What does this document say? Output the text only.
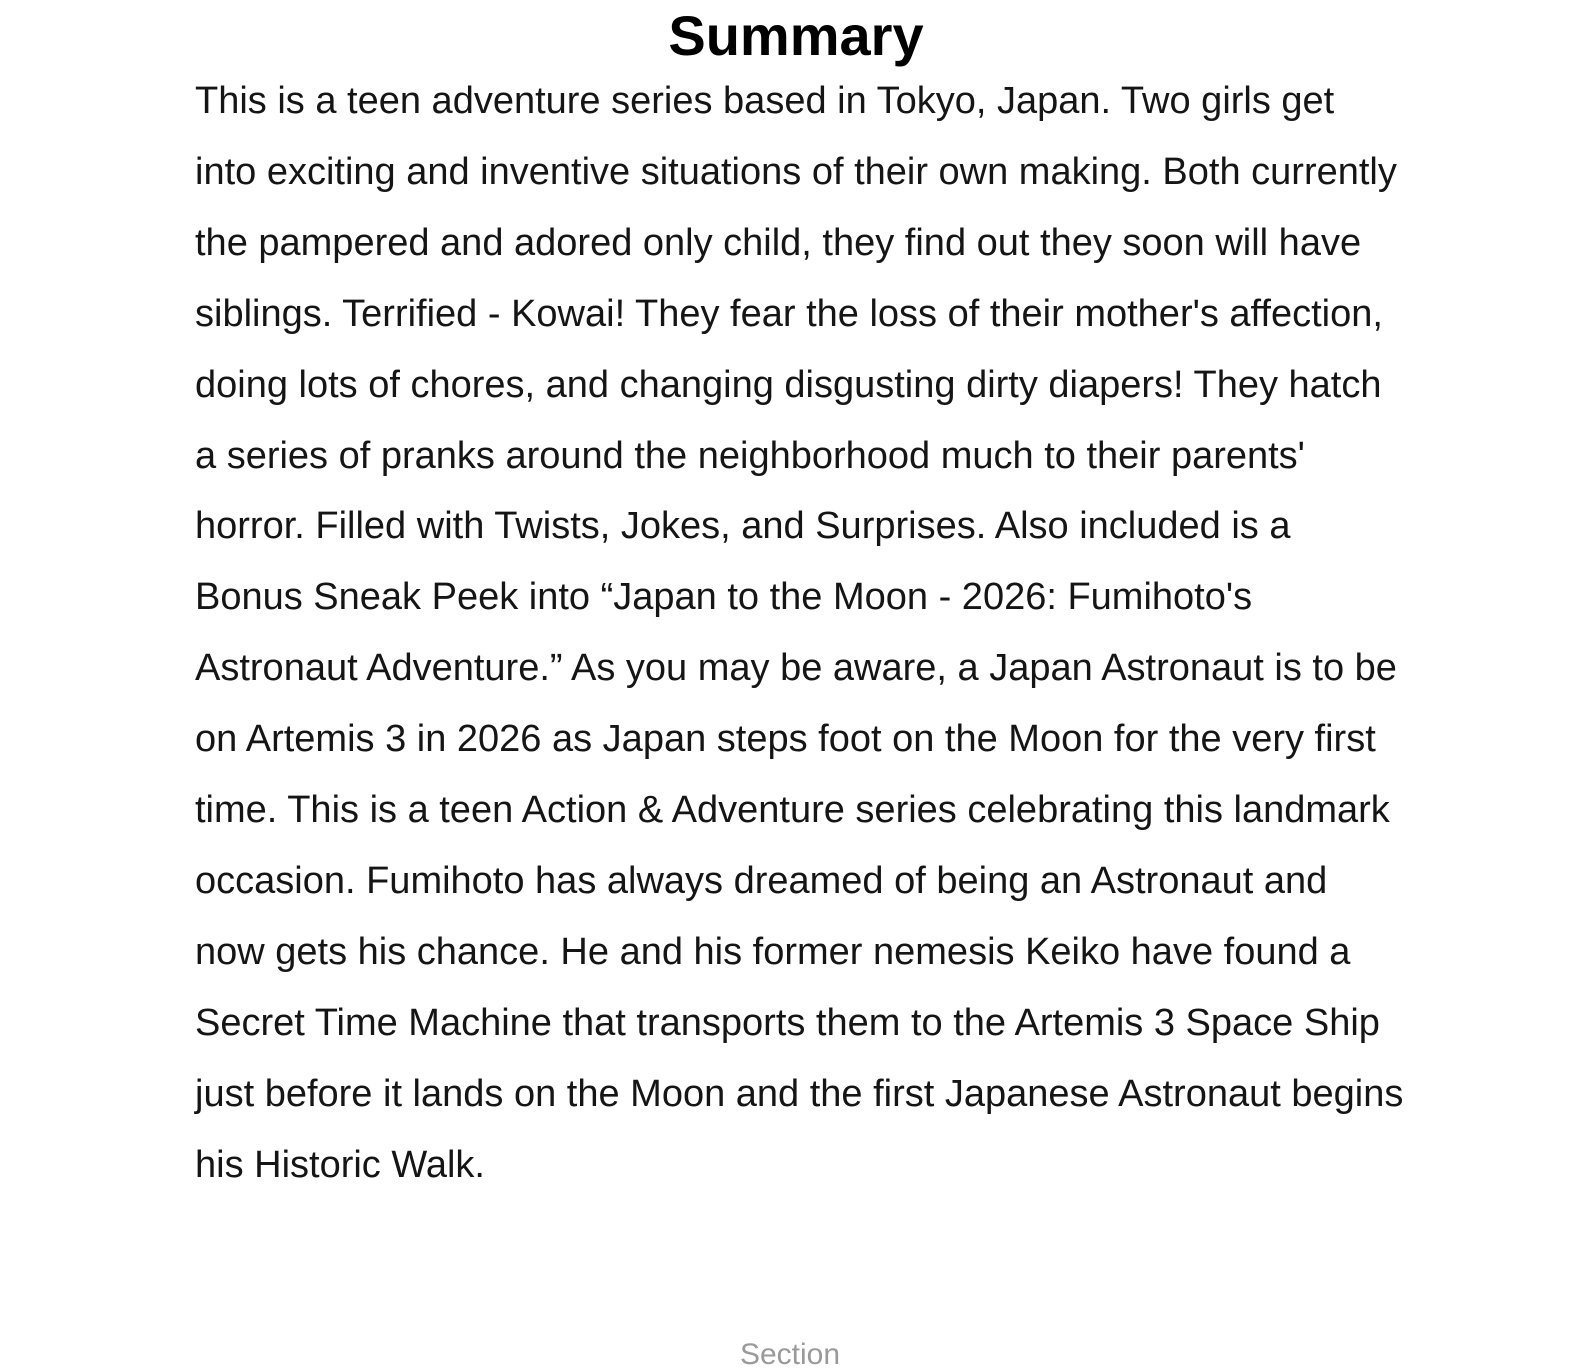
Summary

This is a teen adventure series based in Tokyo, Japan. Two girls get into exciting and inventive situations of their own making. Both currently the pampered and adored only child, they find out they soon will have siblings. Terrified - Kowai! They fear the loss of their mother's affection, doing lots of chores, and changing disgusting dirty diapers! They hatch a series of pranks around the neighborhood much to their parents' horror. Filled with Twists, Jokes, and Surprises. Also included is a Bonus Sneak Peek into “Japan to the Moon - 2026: Fumihoto's Astronaut Adventure.” As you may be aware, a Japan Astronaut is to be on Artemis 3 in 2026 as Japan steps foot on the Moon for the very first time. This is a teen Action & Adventure series celebrating this landmark occasion. Fumihoto has always dreamed of being an Astronaut and now gets his chance. He and his former nemesis Keiko have found a Secret Time Machine that transports them to the Artemis 3 Space Ship just before it lands on the Moon and the first Japanese Astronaut begins his Historic Walk.

Section
